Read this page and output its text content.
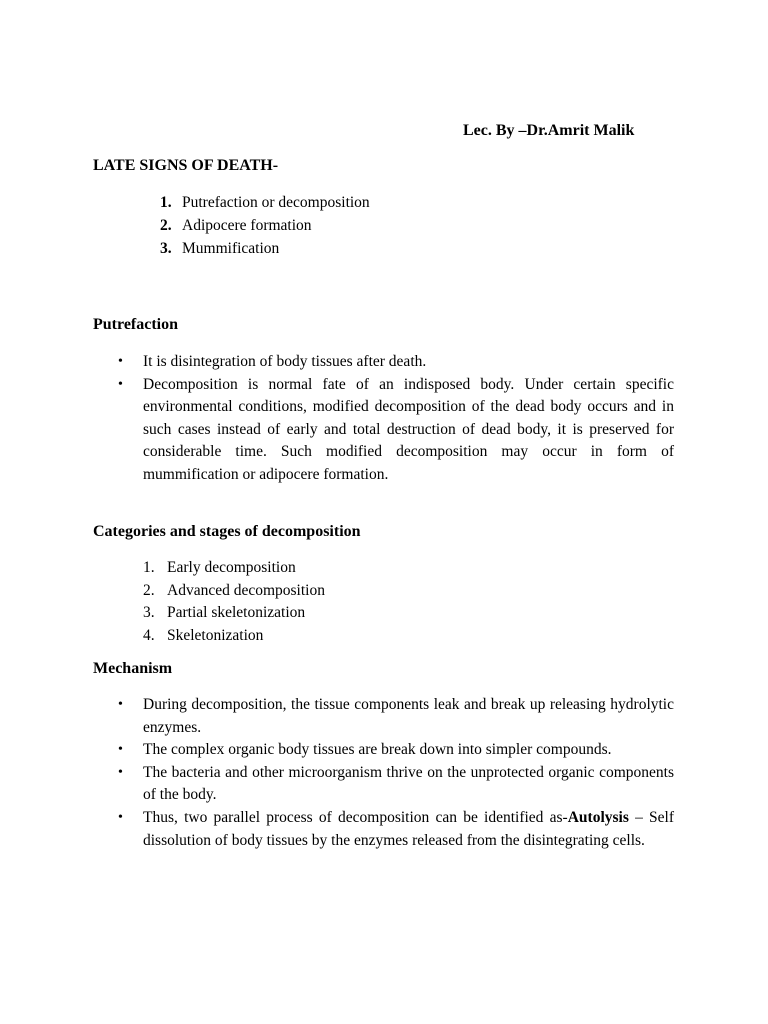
Lec. By –Dr.Amrit Malik
LATE SIGNS OF DEATH-
1. Putrefaction or decomposition
2. Adipocere formation
3. Mummification
Putrefaction
• It is disintegration of body tissues after death.
• Decomposition is normal fate of an indisposed body. Under certain specific environmental conditions, modified decomposition of the dead body occurs and in such cases instead of early and total destruction of dead body, it is preserved for considerable time. Such modified decomposition may occur in form of mummification or adipocere formation.
Categories and stages of decomposition
1. Early decomposition
2. Advanced decomposition
3. Partial skeletonization
4. Skeletonization
Mechanism
• During decomposition, the tissue components leak and break up releasing hydrolytic enzymes.
• The complex organic body tissues are break down into simpler compounds.
• The bacteria and other microorganism thrive on the unprotected organic components of the body.
• Thus, two parallel process of decomposition can be identified as-Autolysis – Self dissolution of body tissues by the enzymes released from the disintegrating cells.
